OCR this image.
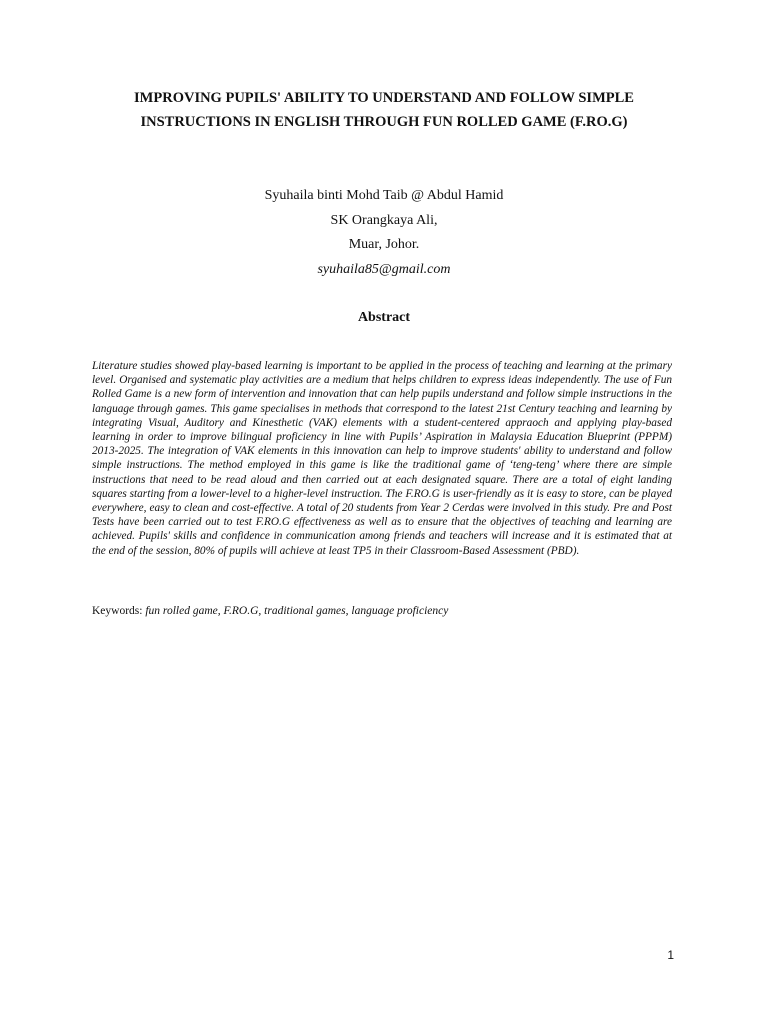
IMPROVING PUPILS' ABILITY TO UNDERSTAND AND FOLLOW SIMPLE
INSTRUCTIONS IN ENGLISH THROUGH FUN ROLLED GAME (F.RO.G)
Syuhaila binti Mohd Taib @ Abdul Hamid
SK Orangkaya Ali,
Muar, Johor.
syuhaila85@gmail.com
Abstract

Literature studies showed play-based learning is important to be applied in the process of teaching and learning at the primary level. Organised and systematic play activities are a medium that helps children to express ideas independently. The use of Fun Rolled Game is a new form of intervention and innovation that can help pupils understand and follow simple instructions in the language through games. This game specialises in methods that correspond to the latest 21st Century teaching and learning by integrating Visual, Auditory and Kinesthetic (VAK) elements with a student-centered appraoch and applying play-based learning in order to improve bilingual proficiency in line with Pupils’ Aspiration in Malaysia Education Blueprint (PPPM) 2013-2025. The integration of VAK elements in this innovation can help to improve students' ability to understand and follow simple instructions. The method employed in this game is like the traditional game of ‘teng-teng’ where there are simple instructions that need to be read aloud and then carried out at each designated square. There are a total of eight landing squares starting from a lower-level to a higher-level instruction. The F.RO.G is user-friendly as it is easy to store, can be played everywhere, easy to clean and cost-effective. A total of 20 students from Year 2 Cerdas were involved in this study. Pre and Post Tests have been carried out to test F.RO.G effectiveness as well as to ensure that the objectives of teaching and learning are achieved. Pupils' skills and confidence in communication among friends and teachers will increase and it is estimated that at the end of the session, 80% of pupils will achieve at least TP5 in their Classroom-Based Assessment (PBD).

Keywords: fun rolled game, F.RO.G, traditional games, language proficiency
1
